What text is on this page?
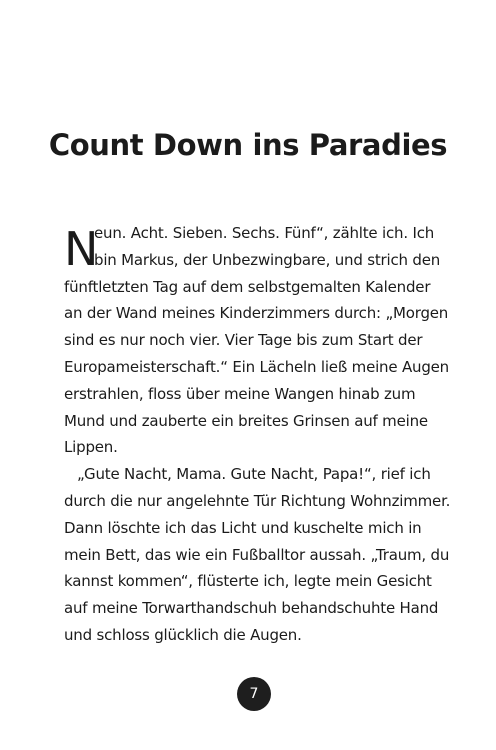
Count Down ins Paradies
N
eun. Acht. Sieben. Sechs. Fünf“, zählte ich. Ich
bin Markus, der Unbezwingbare, und strich den
fünftletzten Tag auf dem selbstgemalten Kalender
an der Wand meines Kinderzimmers durch: „Morgen
sind es nur noch vier. Vier Tage bis zum Start der
Europameisterschaft.“ Ein Lächeln ließ meine Augen
erstrahlen, floss über meine Wangen hinab zum
Mund und zauberte ein breites Grinsen auf meine
Lippen.
„Gute Nacht, Mama. Gute Nacht, Papa!“, rief ich
durch die nur angelehnte Tür Richtung Wohnzimmer.
Dann löschte ich das Licht und kuschelte mich in
mein Bett, das wie ein Fußballtor aussah. „Traum, du
kannst kommen“, flüsterte ich, legte mein Gesicht
auf meine Torwarthandschuh behandschuhte Hand
und schloss glücklich die Augen.
7
